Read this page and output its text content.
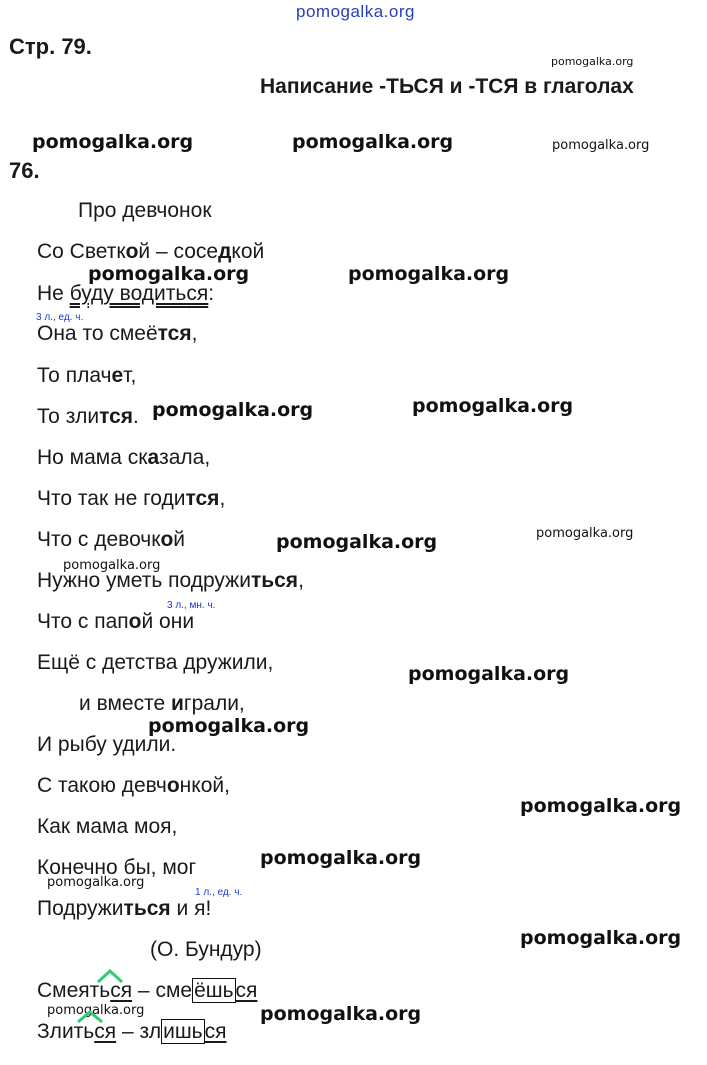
pomogalka.org
Стр. 79.
pomogalka.org
Написание -ТЬСЯ и -ТСЯ в глаголах
pomogalka.org	pomogalka.org	pomogalka.org
76.
Про девчонок
Со Светкой – соседкой
pomogalka.org	pomogalka.org
Не буду водиться:
3 л., ед. ч.
Она то смеётся,
То плачет,
То злится. pomogalka.org	pomogalka.org
Но мама сказала,
Что так не годится,
Что с девочкой	pomogalka.org
pomogalka.org
pomogalka.org
Нужно уметь подружиться,
3 л., мн. ч.
Что с папой они
Ещё с детства дружили,	pomogalka.org
и вместе играли,
pomogalka.org
И рыбу удили.
С такою девчонкой,
pomogalka.org
Как мама моя,
pomogalka.org
Конечно бы, мог
pomogalka.org
1 л., ед. ч.
Подружиться и я!
pomogalka.org
(О. Бундур)
Смеяться – смеёшься
pomogalka.org	pomogalka.org
Злиться – злишься
